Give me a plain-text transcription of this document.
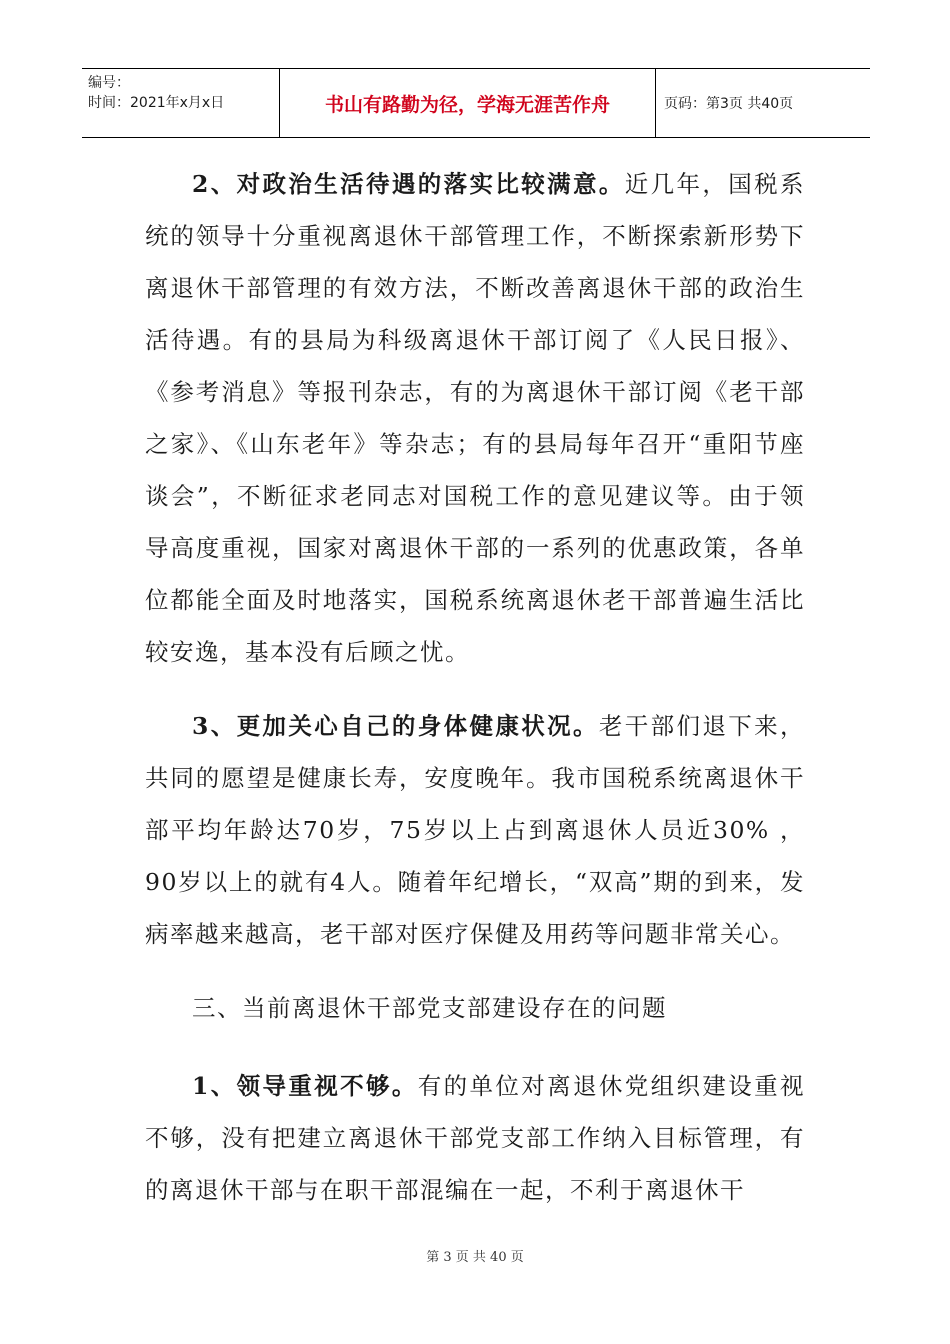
编号：
时间：2021年x月x日	书山有路勤为径，学海无涯苦作舟	页码：第3页 共40页

2、对政治生活待遇的落实比较满意。近几年，国税系统的领导十分重视离退休干部管理工作，不断探索新形势下离退休干部管理的有效方法，不断改善离退休干部的政治生活待遇。有的县局为科级离退休干部订阅了《人民日报》、《参考消息》等报刊杂志，有的为离退休干部订阅《老干部之家》、《山东老年》等杂志；有的县局每年召开“重阳节座谈会”，不断征求老同志对国税工作的意见建议等。由于领导高度重视，国家对离退休干部的一系列的优惠政策，各单位都能全面及时地落实，国税系统离退休老干部普遍生活比较安逸，基本没有后顾之忧。

3、更加关心自己的身体健康状况。老干部们退下来，共同的愿望是健康长寿，安度晚年。我市国税系统离退休干部平均年龄达70岁，75岁以上占到离退休人员近30% ，90岁以上的就有4人。随着年纪增长，“双高”期的到来，发病率越来越高，老干部对医疗保健及用药等问题非常关心。

三、当前离退休干部党支部建设存在的问题

1、领导重视不够。有的单位对离退休党组织建设重视不够，没有把建立离退休干部党支部工作纳入目标管理，有的离退休干部与在职干部混编在一起，不利于离退休干

第 3 页 共 40 页
